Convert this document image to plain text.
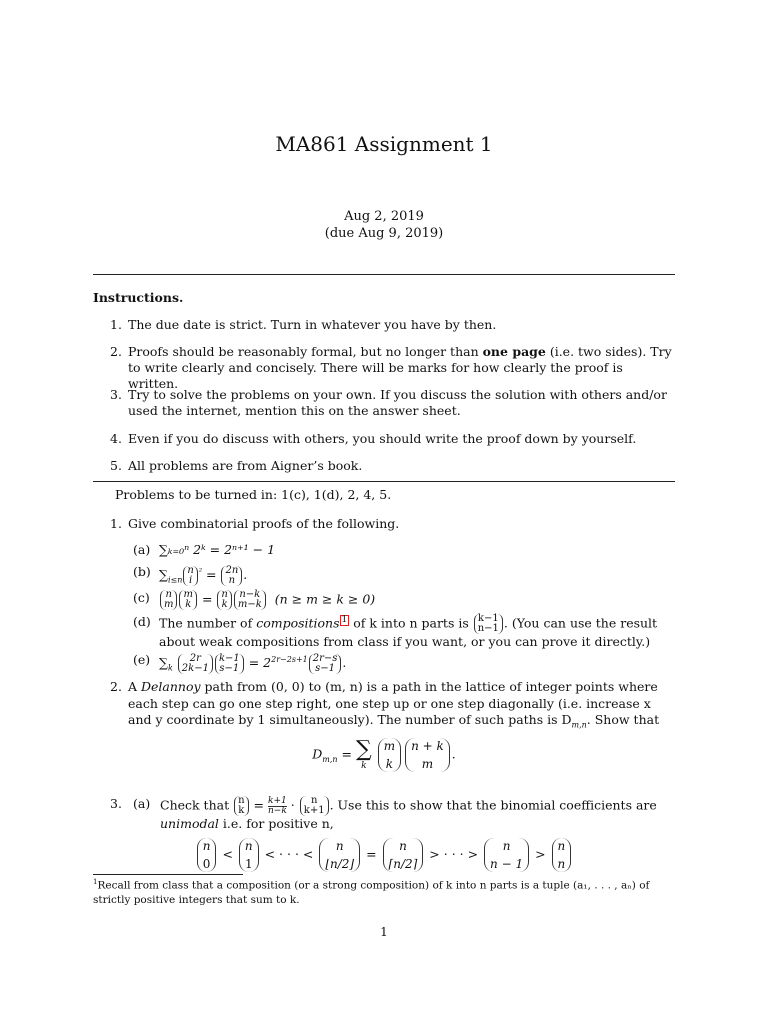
MA861 Assignment 1
Aug 2, 2019
(due Aug 9, 2019)
Instructions.
1. The due date is strict. Turn in whatever you have by then.
2. Proofs should be reasonably formal, but no longer than one page (i.e. two sides). Try to write clearly and concisely. There will be marks for how clearly the proof is written.
3. Try to solve the problems on your own. If you discuss the solution with others and/or used the internet, mention this on the answer sheet.
4. Even if you do discuss with others, you should write the proof down by yourself.
5. All problems are from Aigner’s book.
Problems to be turned in: 1(c), 1(d), 2, 4, 5.
1. Give combinatorial proofs of the following.
(a) ∑ₖ₌₀ⁿ 2ᵏ = 2ⁿ⁺¹ − 1
(b) $\sum_{i\le n}$
n
i
$^{^2}$ = 2n
n .
(c) n
m
m
k = n
k
n−k
m−k (n ≥ m ≥ k ≥ 0)
(d) The number of compositions 1 of k into n parts is k−1
n−1 . (You can use the result about weak compositions from class if you want, or you can prove it directly.)
(e) $\sum_k$
2r
2k−1
k−1
$s-1 = 2^{2r-2s+1}$ 2r−s
s−1 .
2. A Delannoy path from (0, 0) to (m, n) is a path in the lattice of integer points where each step can go one step right, one step up or one step diagonally (i.e. increase x and y coordinate by 1 simultaneously). The number of such paths is $D_{m,n}$. Show that
$D_{m,n}$ = ∑
k

m
k
n + k
m
.
3. (a) Check that n
$k = \frac{k+1}{n-k} \cdot n$
k+1 . Use this to show that the binomial coefficients are
unimodal i.e. for positive n,
n
0
<
n
1
< · · · <
n
⌊n/2⌋
=
n
⌈n/2⌉
> · · · >
n
n − 1
>
n
n
$^1$Recall from class that a composition (or a strong composition) of k into n parts is a tuple (a₁, . . . , aₙ) of strictly positive integers that sum to k.
1
